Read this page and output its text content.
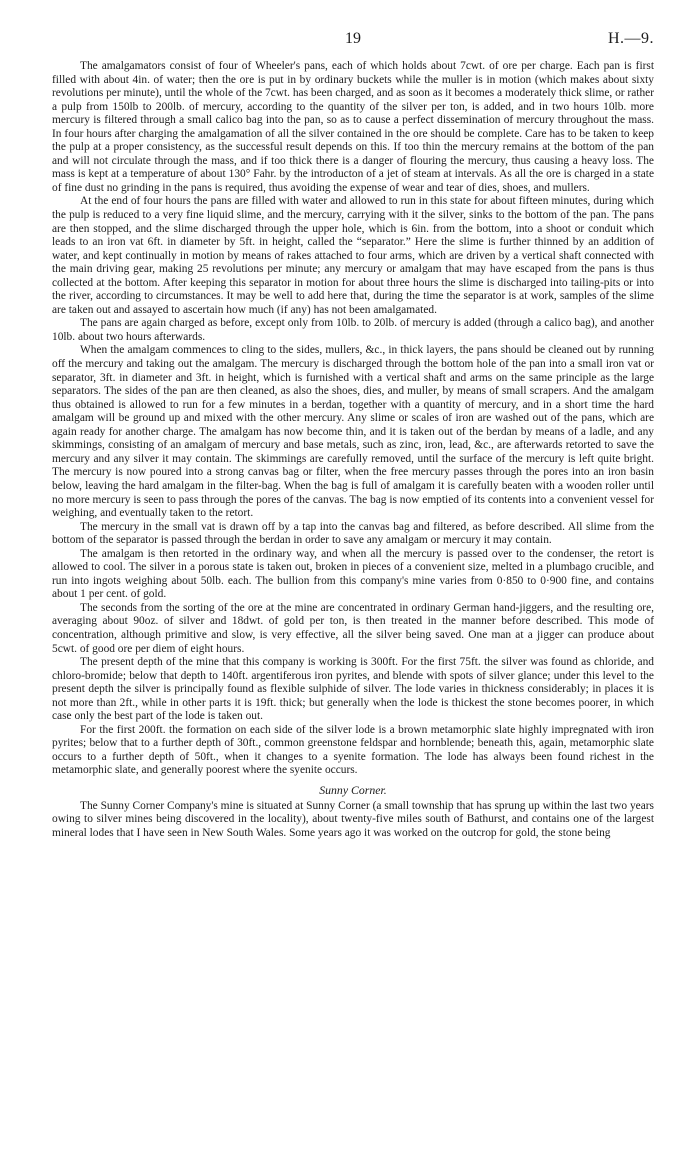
19	H.—9.

The amalgamators consist of four of Wheeler's pans, each of which holds about 7cwt. of ore per charge. Each pan is first filled with about 4in. of water; then the ore is put in by ordinary buckets while the muller is in motion (which makes about sixty revolutions per minute), until the whole of the 7cwt. has been charged, and as soon as it becomes a moderately thick slime, or rather a pulp from 150lb to 200lb. of mercury, according to the quantity of the silver per ton, is added, and in two hours 10lb. more mercury is filtered through a small calico bag into the pan, so as to cause a perfect dissemination of mercury throughout the mass. In four hours after charging the amalgamation of all the silver contained in the ore should be complete. Care has to be taken to keep the pulp at a proper consistency, as the successful result depends on this. If too thin the mercury remains at the bottom of the pan and will not circulate through the mass, and if too thick there is a danger of flouring the mercury, thus causing a heavy loss. The mass is kept at a temperature of about 130° Fahr. by the introducton of a jet of steam at intervals. As all the ore is charged in a state of fine dust no grinding in the pans is required, thus avoiding the expense of wear and tear of dies, shoes, and mullers.

At the end of four hours the pans are filled with water and allowed to run in this state for about fifteen minutes, during which the pulp is reduced to a very fine liquid slime, and the mercury, carrying with it the silver, sinks to the bottom of the pan. The pans are then stopped, and the slime discharged through the upper hole, which is 6in. from the bottom, into a shoot or conduit which leads to an iron vat 6ft. in diameter by 5ft. in height, called the “separator.” Here the slime is further thinned by an addition of water, and kept continually in motion by means of rakes attached to four arms, which are driven by a vertical shaft connected with the main driving gear, making 25 revolutions per minute; any mercury or amalgam that may have escaped from the pans is thus collected at the bottom. After keeping this separator in motion for about three hours the slime is discharged into tailing-pits or into the river, according to circumstances. It may be well to add here that, during the time the separator is at work, samples of the slime are taken out and assayed to ascertain how much (if any) has not been amalgamated.

The pans are again charged as before, except only from 10lb. to 20lb. of mercury is added (through a calico bag), and another 10lb. about two hours afterwards.

When the amalgam commences to cling to the sides, mullers, &c., in thick layers, the pans should be cleaned out by running off the mercury and taking out the amalgam. The mercury is discharged through the bottom hole of the pan into a small iron vat or separator, 3ft. in diameter and 3ft. in height, which is furnished with a vertical shaft and arms on the same principle as the large separators. The sides of the pan are then cleaned, as also the shoes, dies, and muller, by means of small scrapers. And the amalgam thus obtained is allowed to run for a few minutes in a berdan, together with a quantity of mercury, and in a short time the hard amalgam will be ground up and mixed with the other mercury. Any slime or scales of iron are washed out of the pans, which are again ready for another charge. The amalgam has now become thin, and it is taken out of the berdan by means of a ladle, and any skimmings, consisting of an amalgam of mercury and base metals, such as zinc, iron, lead, &c., are afterwards retorted to save the mercury and any silver it may contain. The skimmings are carefully removed, until the surface of the mercury is left quite bright. The mercury is now poured into a strong canvas bag or filter, when the free mercury passes through the pores into an iron basin below, leaving the hard amalgam in the filter-bag. When the bag is full of amalgam it is carefully beaten with a wooden roller until no more mercury is seen to pass through the pores of the canvas. The bag is now emptied of its contents into a convenient vessel for weighing, and eventually taken to the retort.

The mercury in the small vat is drawn off by a tap into the canvas bag and filtered, as before described. All slime from the bottom of the separator is passed through the berdan in order to save any amalgam or mercury it may contain.

The amalgam is then retorted in the ordinary way, and when all the mercury is passed over to the condenser, the retort is allowed to cool. The silver in a porous state is taken out, broken in pieces of a convenient size, melted in a plumbago crucible, and run into ingots weighing about 50lb. each. The bullion from this company's mine varies from 0·850 to 0·900 fine, and contains about 1 per cent. of gold.

The seconds from the sorting of the ore at the mine are concentrated in ordinary German hand-jiggers, and the resulting ore, averaging about 90oz. of silver and 18dwt. of gold per ton, is then treated in the manner before described. This mode of concentration, although primitive and slow, is very effective, all the silver being saved. One man at a jigger can produce about 5cwt. of good ore per diem of eight hours.

The present depth of the mine that this company is working is 300ft. For the first 75ft. the silver was found as chloride, and chloro-bromide; below that depth to 140ft. argentiferous iron pyrites, and blende with spots of silver glance; under this level to the present depth the silver is principally found as flexible sulphide of silver. The lode varies in thickness considerably; in places it is not more than 2ft., while in other parts it is 19ft. thick; but generally when the lode is thickest the stone becomes poorer, in which case only the best part of the lode is taken out.

For the first 200ft. the formation on each side of the silver lode is a brown metamorphic slate highly impregnated with iron pyrites; below that to a further depth of 30ft., common greenstone feldspar and hornblende; beneath this, again, metamorphic slate occurs to a further depth of 50ft., when it changes to a syenite formation. The lode has always been found richest in the metamorphic slate, and generally poorest where the syenite occurs.

Sunny Corner.

The Sunny Corner Company's mine is situated at Sunny Corner (a small township that has sprung up within the last two years owing to silver mines being discovered in the locality), about twenty-five miles south of Bathurst, and contains one of the largest mineral lodes that I have seen in New South Wales. Some years ago it was worked on the outcrop for gold, the stone being
